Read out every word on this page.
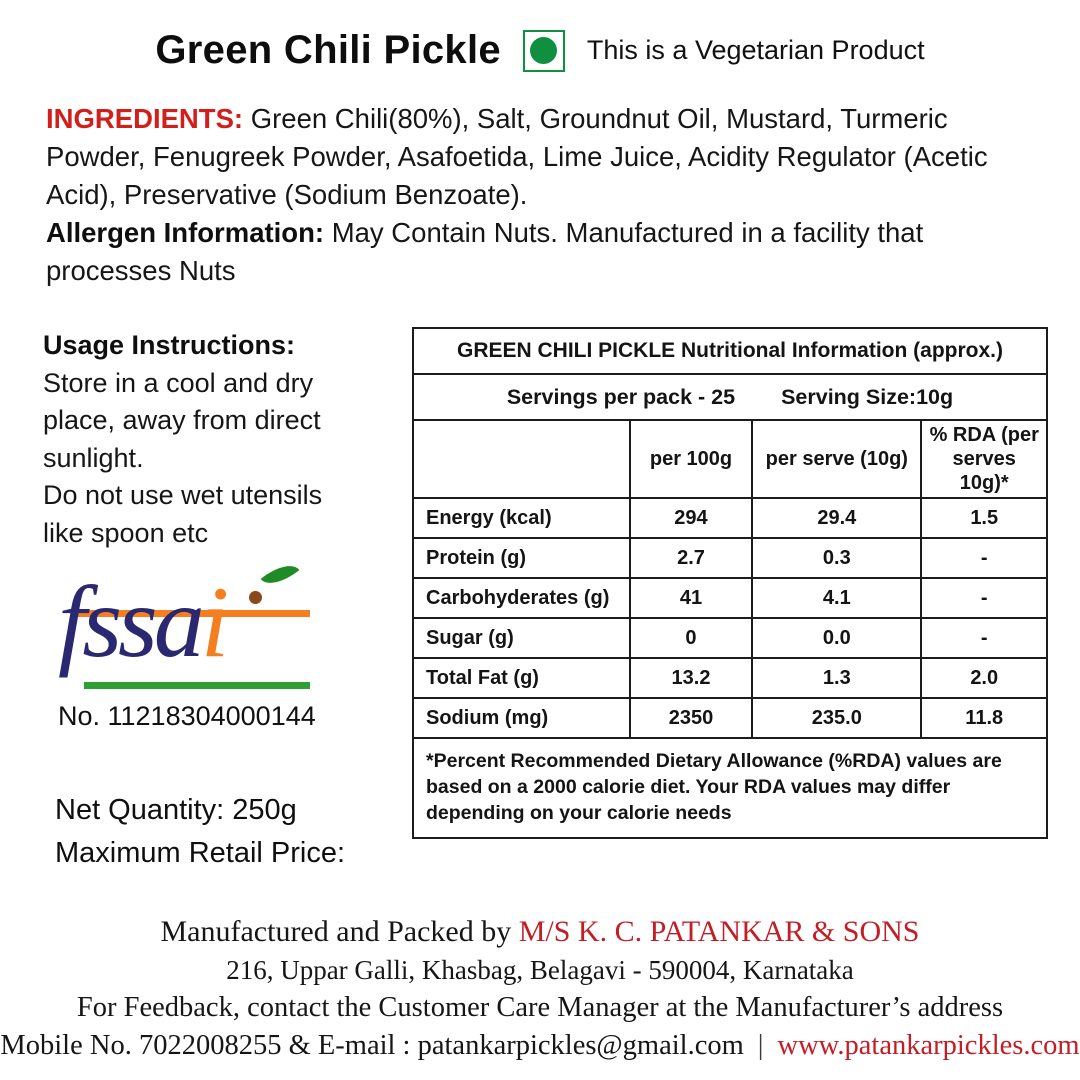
Green Chili Pickle	This is a Vegetarian Product

INGREDIENTS: Green Chili(80%), Salt, Groundnut Oil, Mustard, Turmeric Powder, Fenugreek Powder, Asafoetida, Lime Juice, Acidity Regulator (Acetic Acid), Preservative (Sodium Benzoate).

Allergen Information: May Contain Nuts. Manufactured in a facility that processes Nuts

Usage Instructions:
Store in a cool and dry place, away from direct sunlight.
Do not use wet utensils like spoon etc
fssai
No. 11218304000144
Net Quantity: 250g
Maximum Retail Price:
GREEN CHILI PICKLE Nutritional Information (approx.)			

Servings per pack - 25 Serving Size:10g			

	per 100g	per serve (10g)	% RDA (per serves 10g)*
Energy (kcal)	294	29.4	1.5
Protein (g)	2.7	0.3	-
Carbohyderates (g)	41	4.1	-
Sugar (g)	0	0.0	-
Total Fat (g)	13.2	1.3	2.0
Sodium (mg)	2350	235.0	11.8
*Percent Recommended Dietary Allowance (%RDA) values are based on a 2000 calorie diet. Your RDA values may differ depending on your calorie needs			
Manufactured and Packed by M/S K. C. PATANKAR & SONS
216, Uppar Galli, Khasbag, Belagavi - 590004, Karnataka
For Feedback, contact the Customer Care Manager at the Manufacturer’s address
Mobile No. 7022008255 & E-mail : patankarpickles@gmail.com | www.patankarpickles.com
